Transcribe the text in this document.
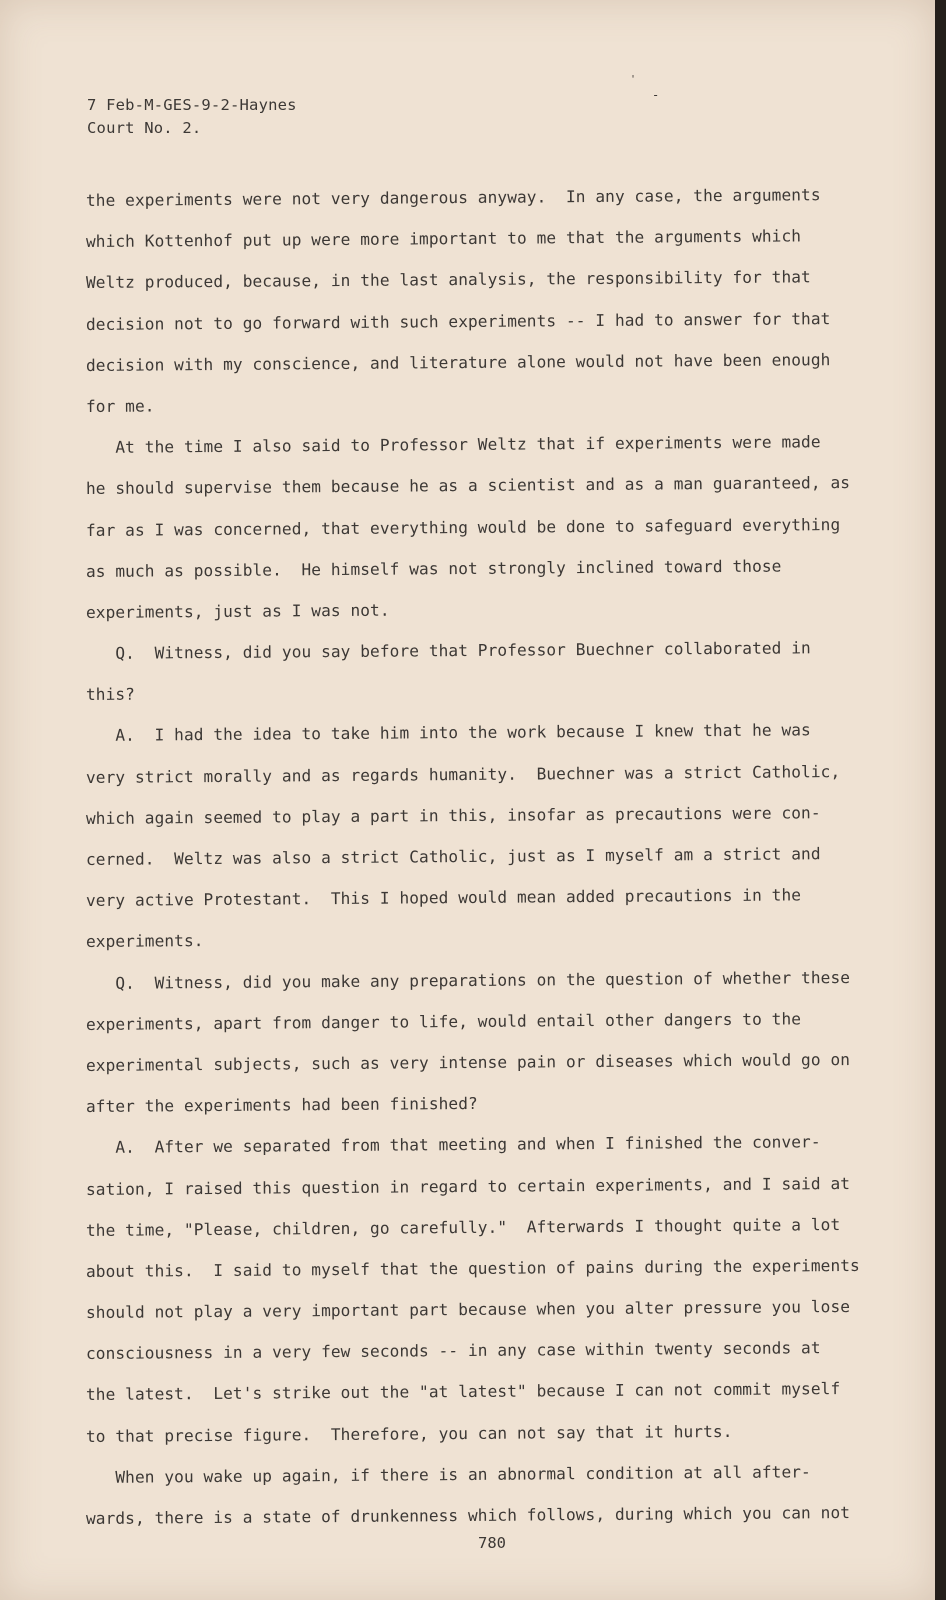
7 Feb-M-GES-9-2-Haynes
Court No. 2.
'
-
the experiments were not very dangerous anyway.  In any case, the arguments
which Kottenhof put up were more important to me that the arguments which
Weltz produced, because, in the last analysis, the responsibility for that
decision not to go forward with such experiments -- I had to answer for that
decision with my conscience, and literature alone would not have been enough
for me.
At the time I also said to Professor Weltz that if experiments were made
he should supervise them because he as a scientist and as a man guaranteed, as
far as I was concerned, that everything would be done to safeguard everything
as much as possible.  He himself was not strongly inclined toward those
experiments, just as I was not.
Q.  Witness, did you say before that Professor Buechner collaborated in
this?
A.  I had the idea to take him into the work because I knew that he was
very strict morally and as regards humanity.  Buechner was a strict Catholic,
which again seemed to play a part in this, insofar as precautions were con-
cerned.  Weltz was also a strict Catholic, just as I myself am a strict and
very active Protestant.  This I hoped would mean added precautions in the
experiments.
Q.  Witness, did you make any preparations on the question of whether these
experiments, apart from danger to life, would entail other dangers to the
experimental subjects, such as very intense pain or diseases which would go on
after the experiments had been finished?
A.  After we separated from that meeting and when I finished the conver-
sation, I raised this question in regard to certain experiments, and I said at
the time, "Please, children, go carefully."  Afterwards I thought quite a lot
about this.  I said to myself that the question of pains during the experiments
should not play a very important part because when you alter pressure you lose
consciousness in a very few seconds -- in any case within twenty seconds at
the latest.  Let's strike out the "at latest" because I can not commit myself
to that precise figure.  Therefore, you can not say that it hurts.
When you wake up again, if there is an abnormal condition at all after-
wards, there is a state of drunkenness which follows, during which you can not
780
